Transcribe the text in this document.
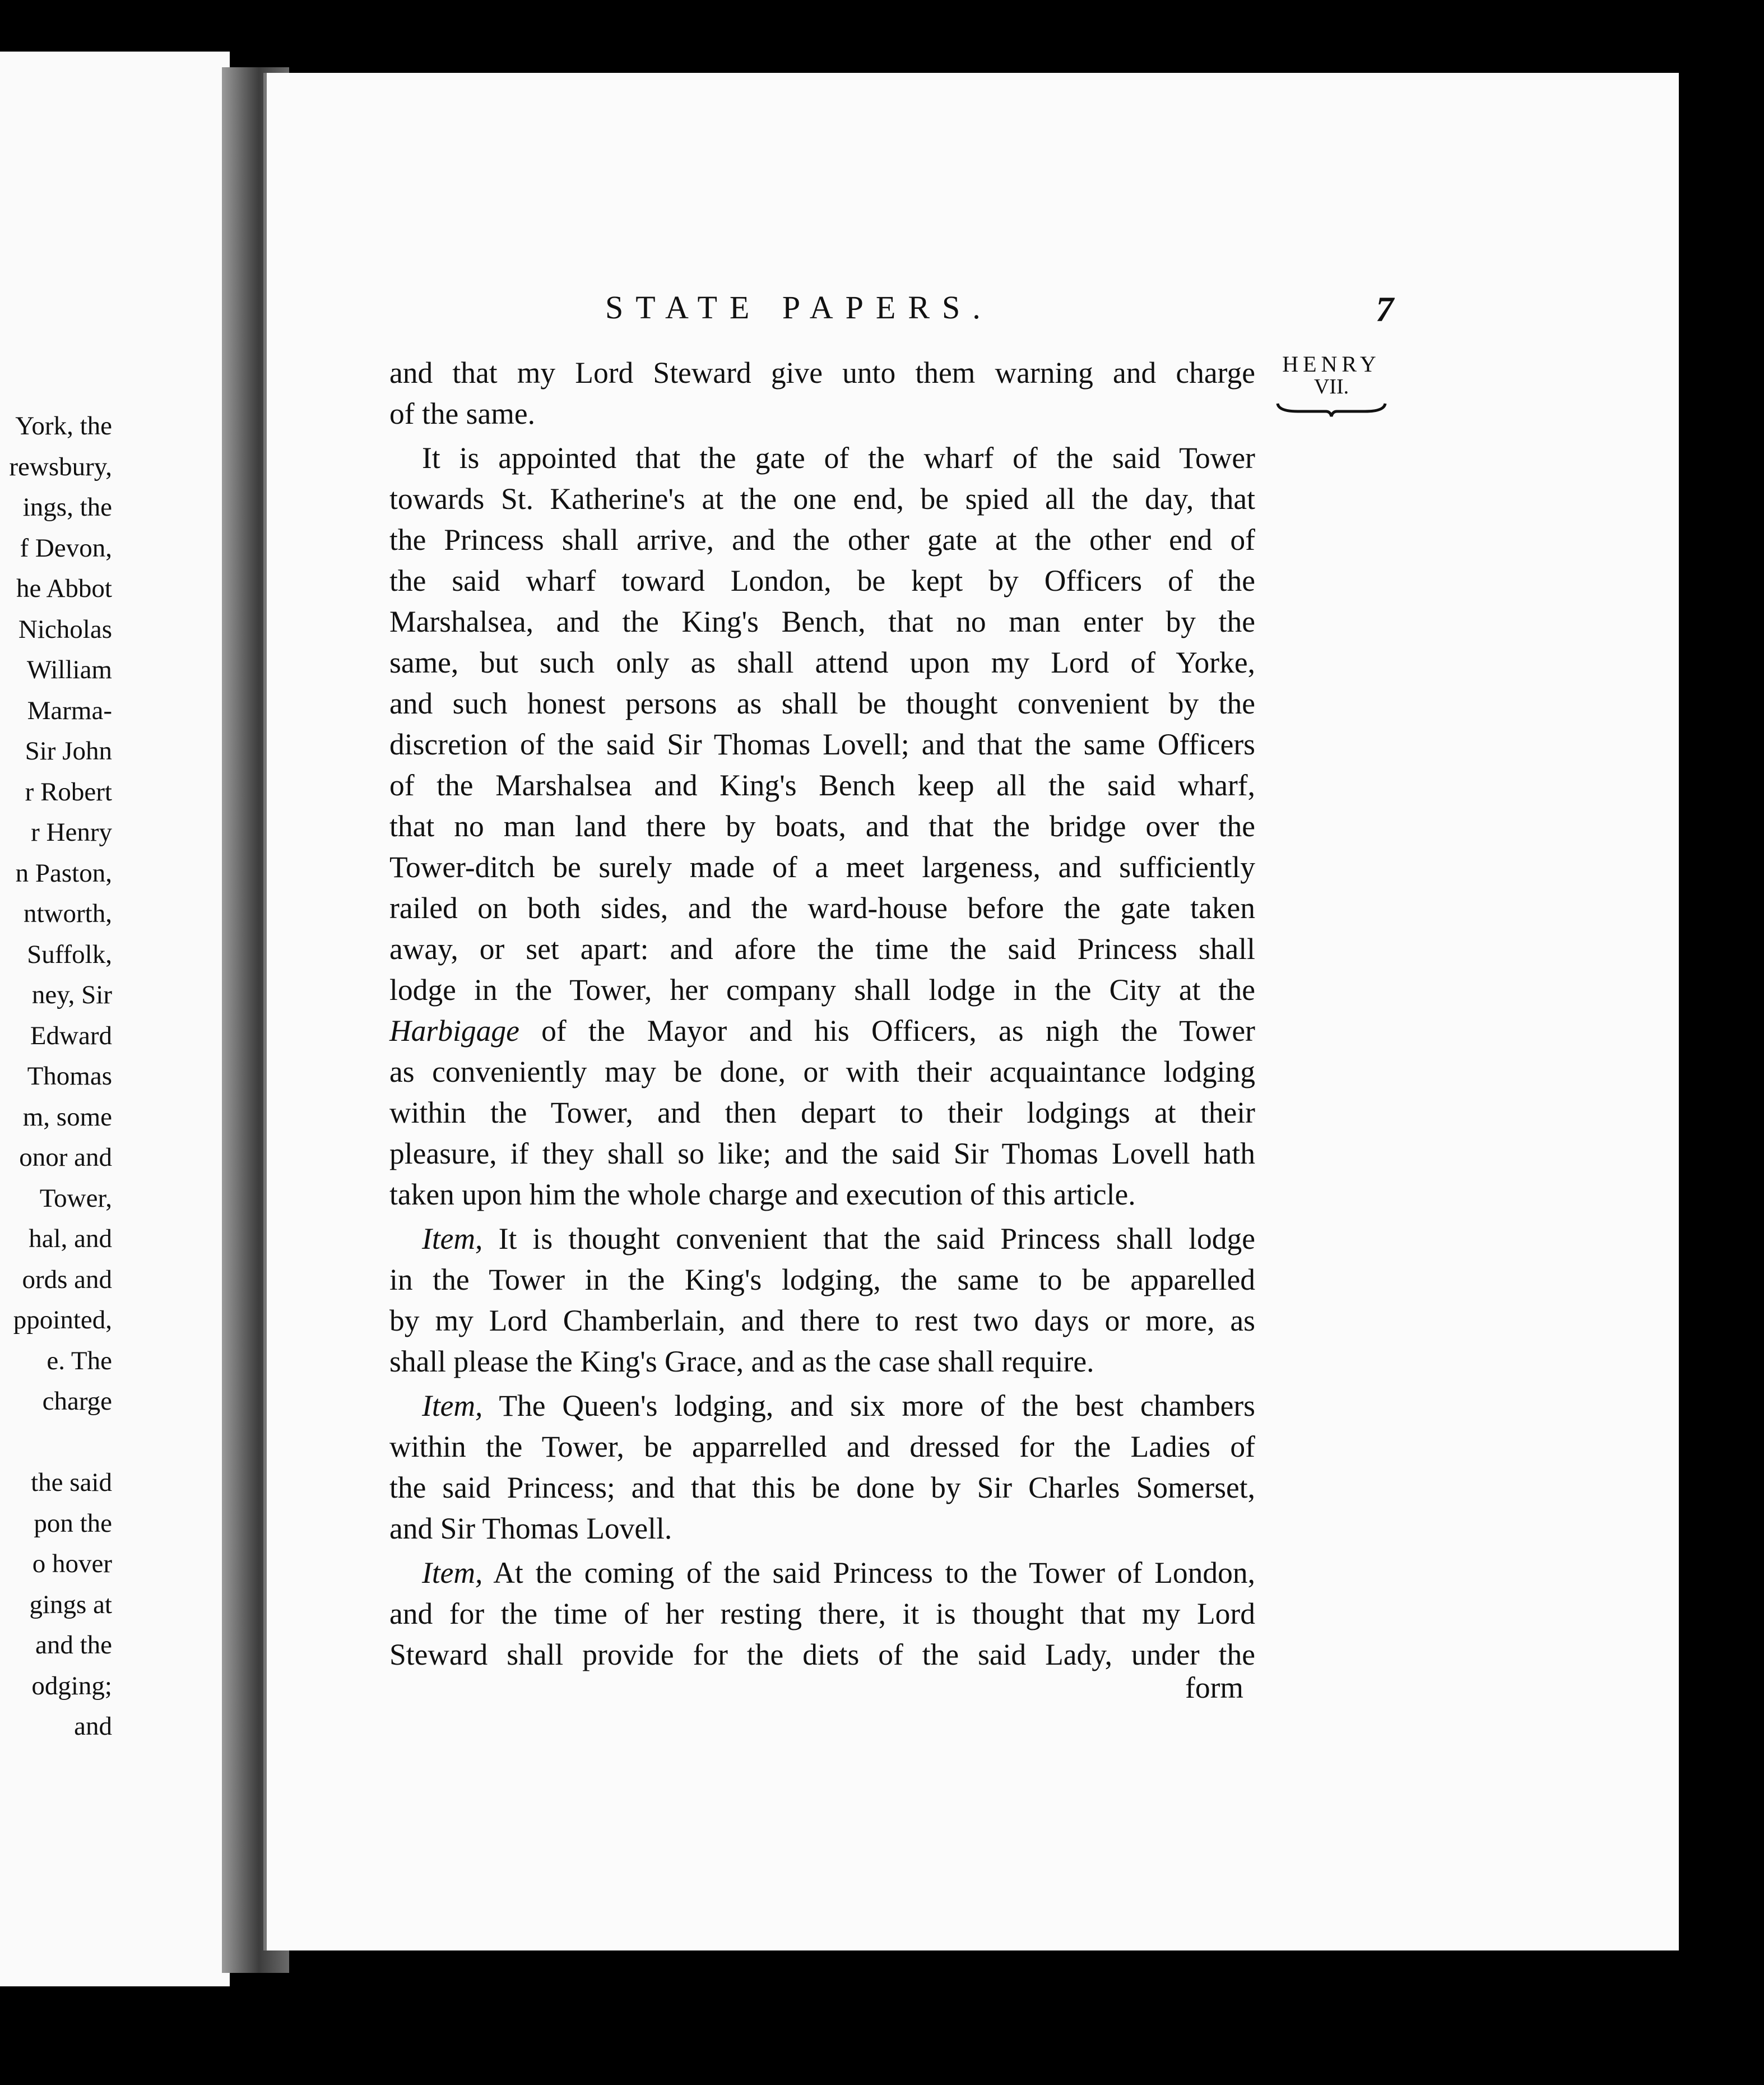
York, the
rewsbury,
ings, the
f Devon,
he Abbot
Nicholas
William
Marma-
Sir John
r Robert
r Henry
n Paston,
ntworth,
Suffolk,
ney, Sir
Edward
Thomas
m, some
onor and
Tower,
hal, and
ords and
ppointed,
e. The
charge
the said
pon the
o hover
gings at
and the
odging;
and
STATE PAPERS.	7
HENRY
VII.
and that my Lord Steward give unto them warning and charge
of the same.
It is appointed that the gate of the wharf of the said Tower
towards St. Katherine's at the one end, be spied all the day, that
the Princess shall arrive, and the other gate at the other end of
the said wharf toward London, be kept by Officers of the
Marshalsea, and the King's Bench, that no man enter by the
same, but such only as shall attend upon my Lord of Yorke,
and such honest persons as shall be thought convenient by the
discretion of the said Sir Thomas Lovell; and that the same Officers
of the Marshalsea and King's Bench keep all the said wharf,
that no man land there by boats, and that the bridge over the
Tower-ditch be surely made of a meet largeness, and sufficiently
railed on both sides, and the ward-house before the gate taken
away, or set apart: and afore the time the said Princess shall
lodge in the Tower, her company shall lodge in the City at the
Harbigage of the Mayor and his Officers, as nigh the Tower
as conveniently may be done, or with their acquaintance lodging
within the Tower, and then depart to their lodgings at their
pleasure, if they shall so like; and the said Sir Thomas Lovell hath
taken upon him the whole charge and execution of this article.
Item, It is thought convenient that the said Princess shall lodge
in the Tower in the King's lodging, the same to be apparelled
by my Lord Chamberlain, and there to rest two days or more, as
shall please the King's Grace, and as the case shall require.
Item, The Queen's lodging, and six more of the best chambers
within the Tower, be apparrelled and dressed for the Ladies of
the said Princess; and that this be done by Sir Charles Somerset,
and Sir Thomas Lovell.
Item, At the coming of the said Princess to the Tower of London,
and for the time of her resting there, it is thought that my Lord
Steward shall provide for the diets of the said Lady, under the
form
